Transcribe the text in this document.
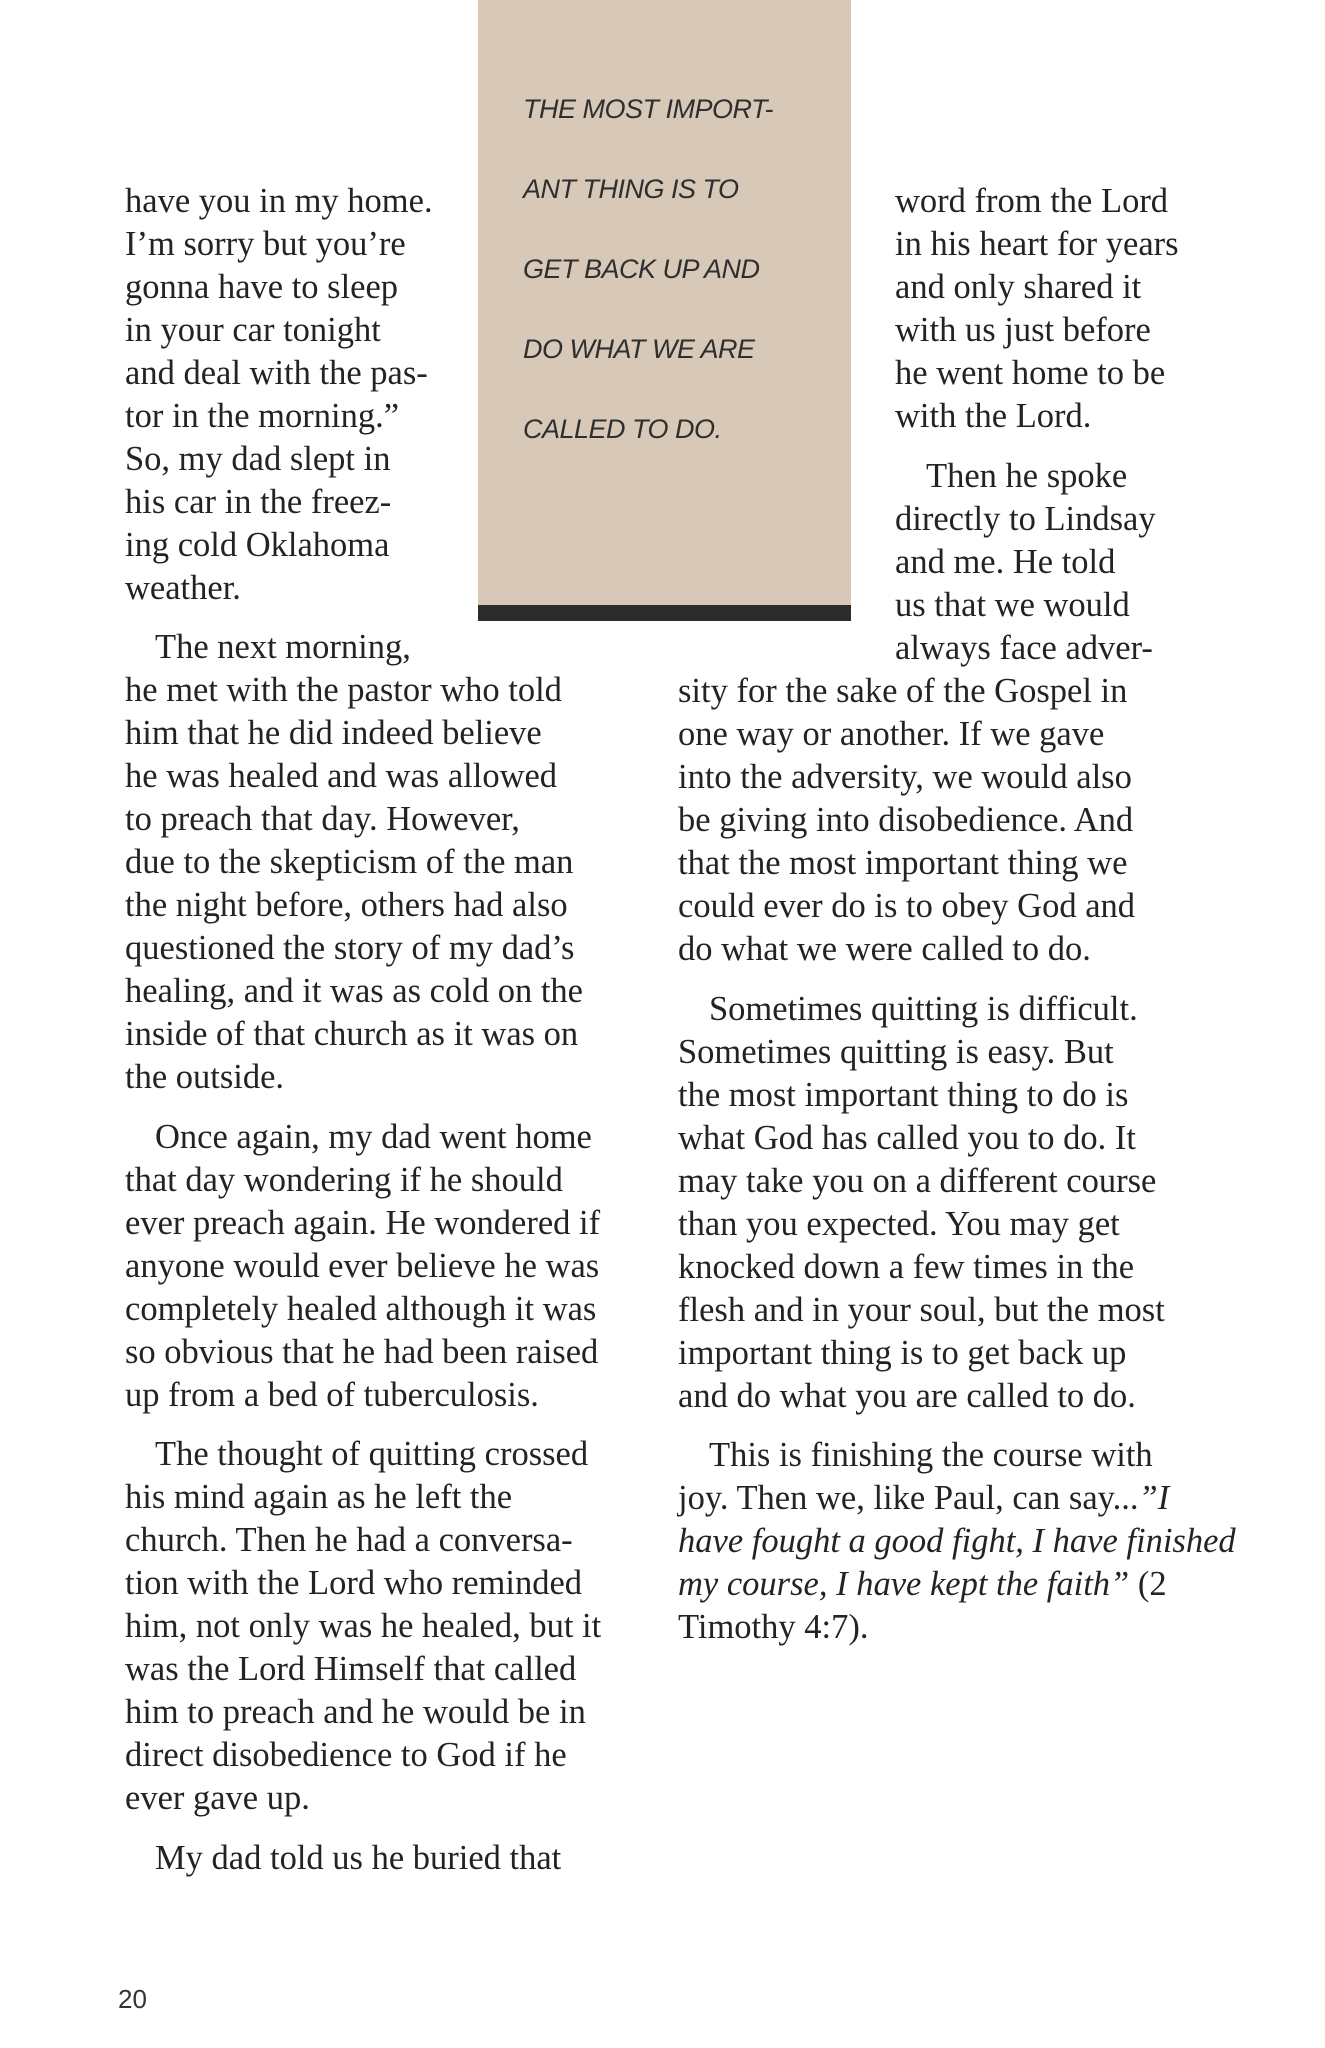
THE MOST IMPORT-
ANT THING IS TO
GET BACK UP AND
DO WHAT WE ARE
CALLED TO DO.
have you in my home.
I’m sorry but you’re
gonna have to sleep
in your car tonight
and deal with the pas-
tor in the morning.”
So, my dad slept in
his car in the freez-
ing cold Oklahoma
weather.
The next morning,
he met with the pastor who told
him that he did indeed believe
he was healed and was allowed
to preach that day. However,
due to the skepticism of the man
the night before, others had also
questioned the story of my dad’s
healing, and it was as cold on the
inside of that church as it was on
the outside.
Once again, my dad went home
that day wondering if he should
ever preach again. He wondered if
anyone would ever believe he was
completely healed although it was
so obvious that he had been raised
up from a bed of tuberculosis.
The thought of quitting crossed
his mind again as he left the
church. Then he had a conversa-
tion with the Lord who reminded
him, not only was he healed, but it
was the Lord Himself that called
him to preach and he would be in
direct disobedience to God if he
ever gave up.
My dad told us he buried that
word from the Lord
in his heart for years
and only shared it
with us just before
he went home to be
with the Lord.
Then he spoke
directly to Lindsay
and me. He told
us that we would
always face adver-
sity for the sake of the Gospel in
one way or another. If we gave
into the adversity, we would also
be giving into disobedience. And
that the most important thing we
could ever do is to obey God and
do what we were called to do.
Sometimes quitting is difficult.
Sometimes quitting is easy. But
the most important thing to do is
what God has called you to do. It
may take you on a different course
than you expected. You may get
knocked down a few times in the
flesh and in your soul, but the most
important thing is to get back up
and do what you are called to do.
This is finishing the course with
joy. Then we, like Paul, can say...”I
have fought a good fight, I have finished
my course, I have kept the faith” (2
Timothy 4:7).
20
